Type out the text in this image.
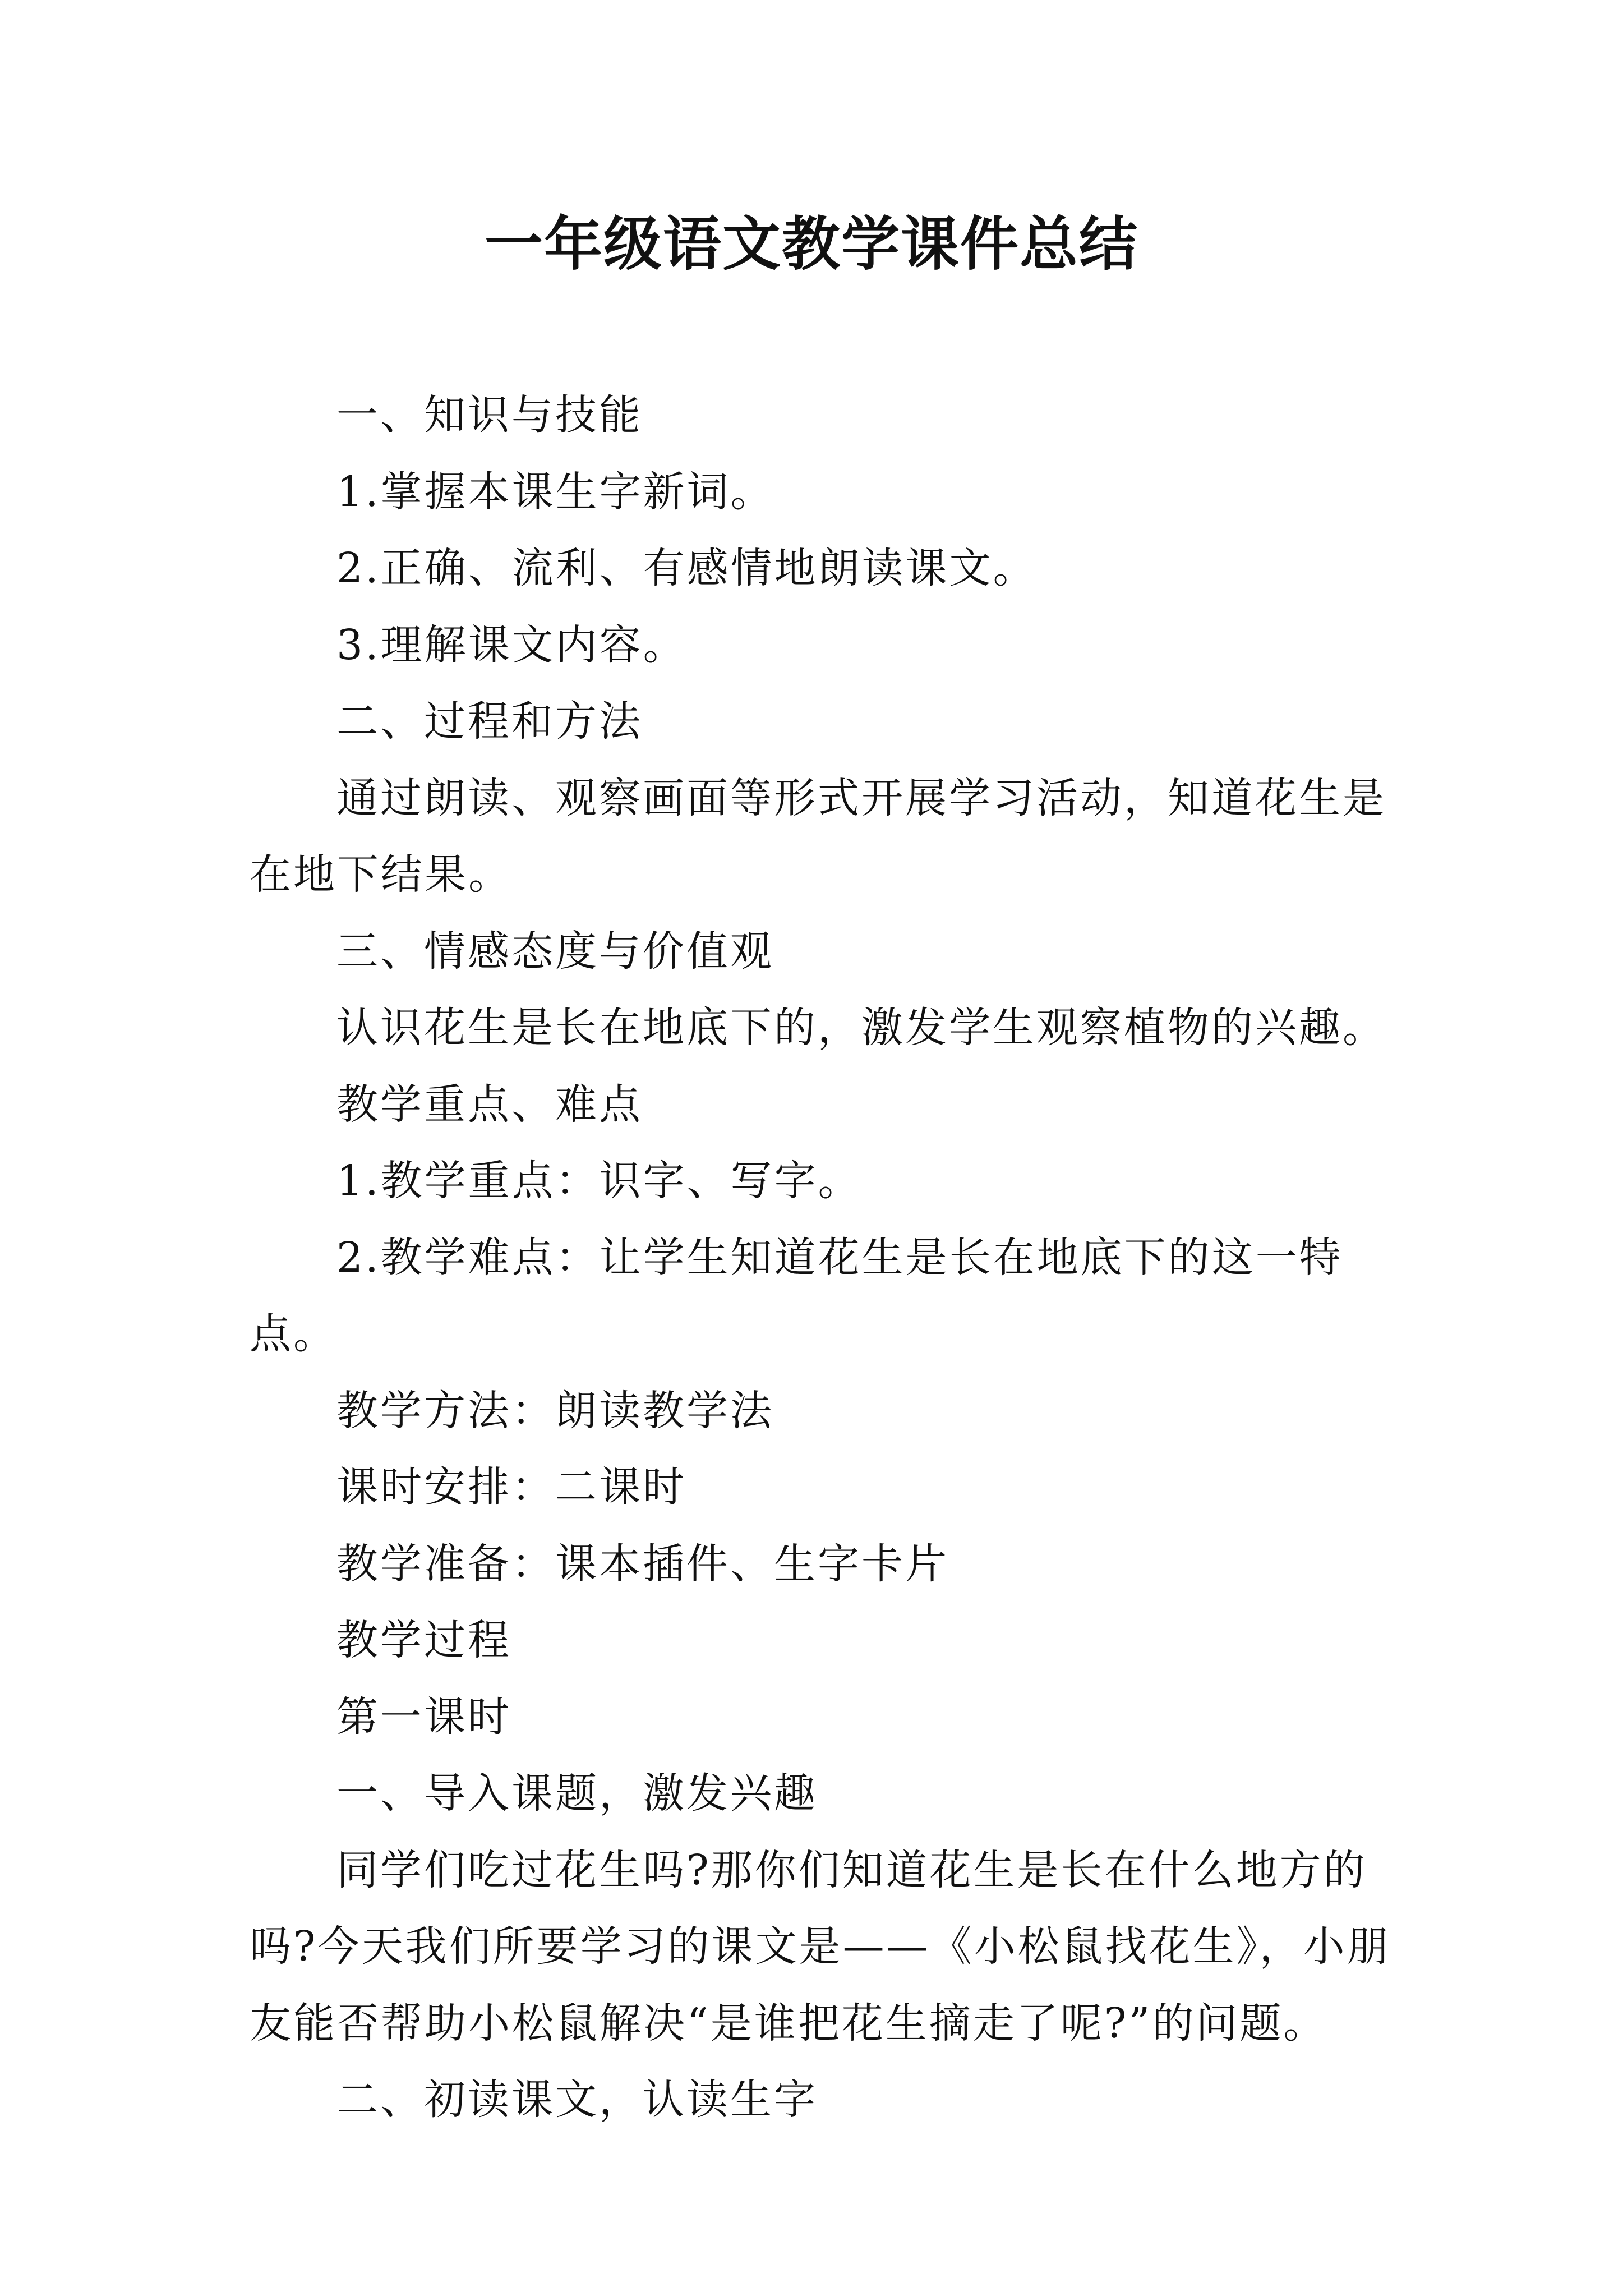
一年级语文教学课件总结

一、知识与技能

1.掌握本课生字新词。

2.正确、流利、有感情地朗读课文。

3.理解课文内容。

二、过程和方法

通过朗读、观察画面等形式开展学习活动，知道花生是在地下结果。

三、情感态度与价值观

认识花生是长在地底下的，激发学生观察植物的兴趣。

教学重点、难点

1.教学重点：识字、写字。

2.教学难点：让学生知道花生是长在地底下的这一特点。

教学方法：朗读教学法

课时安排：二课时

教学准备：课本插件、生字卡片

教学过程

第一课时

一、导入课题，激发兴趣

同学们吃过花生吗?那你们知道花生是长在什么地方的吗?今天我们所要学习的课文是——《小松鼠找花生》，小朋友能否帮助小松鼠解决“是谁把花生摘走了呢?”的问题。

二、初读课文，认读生字
